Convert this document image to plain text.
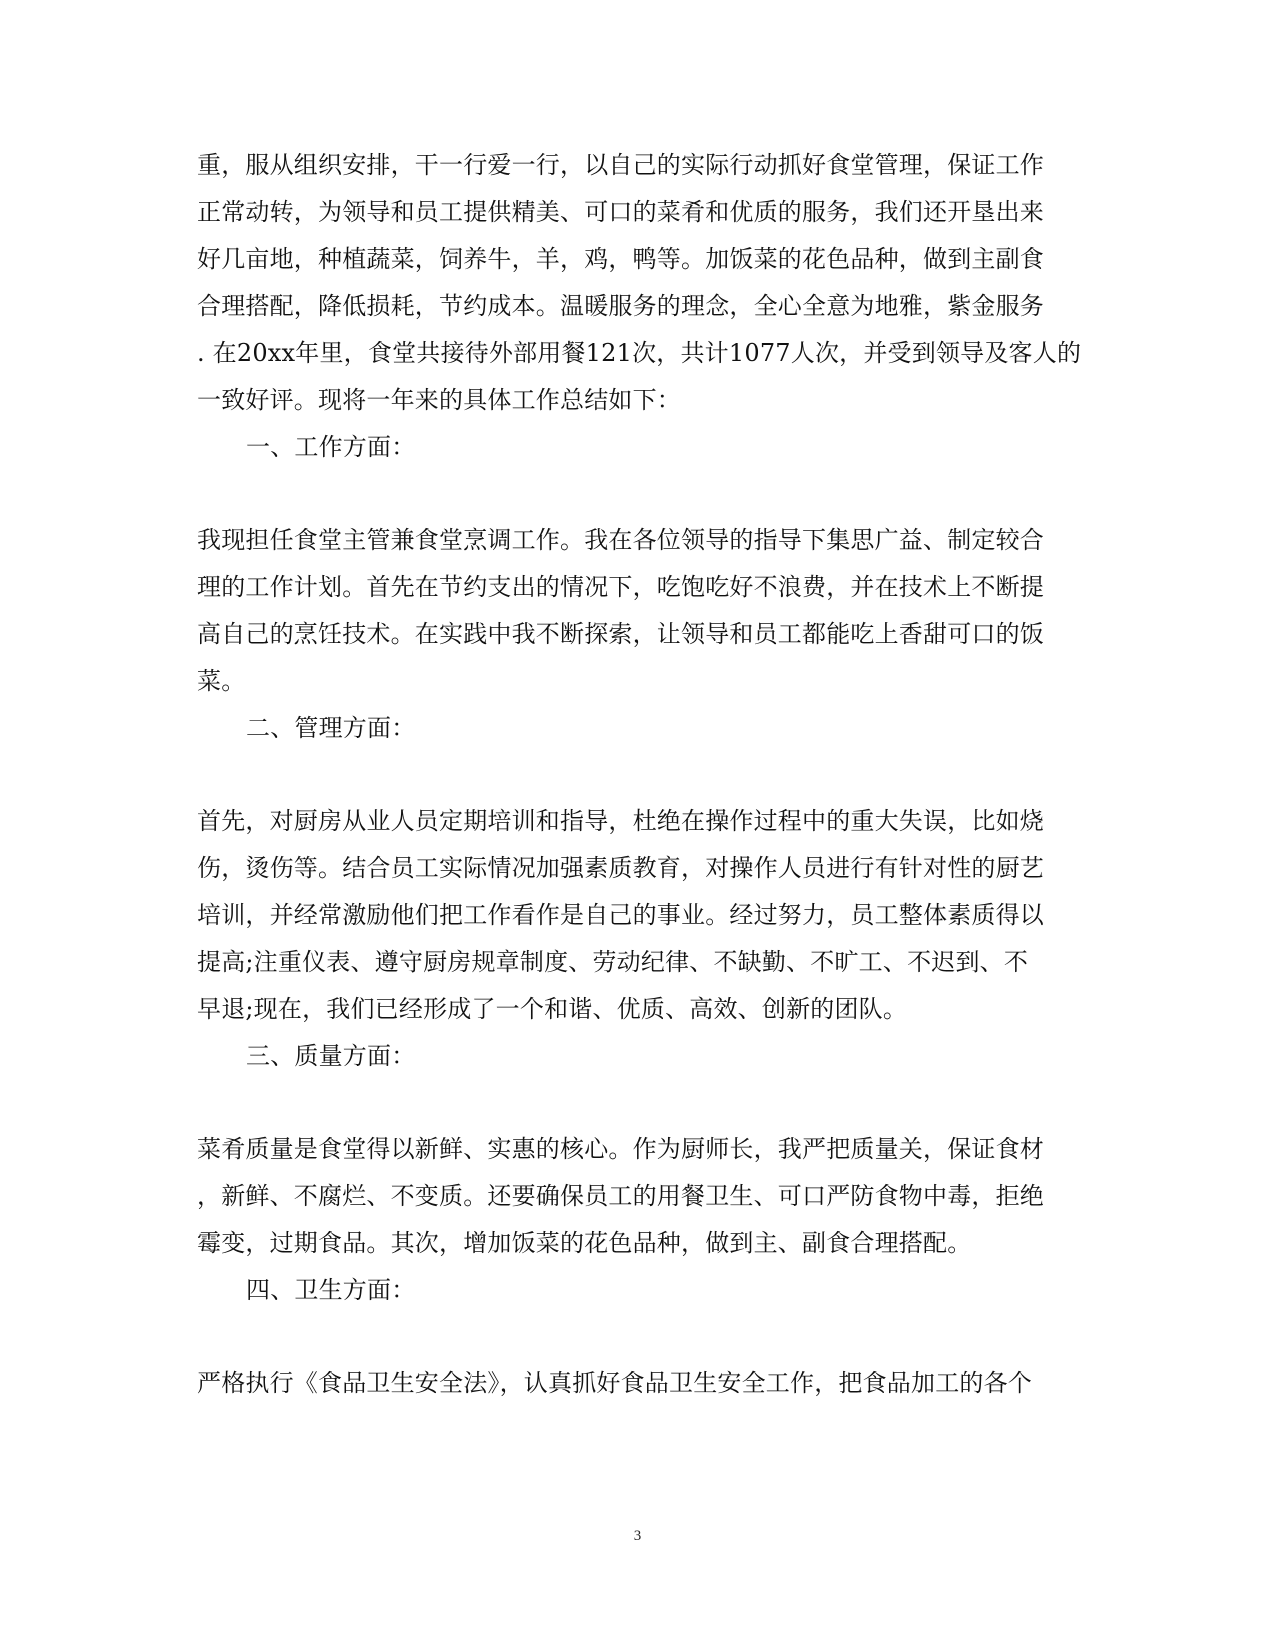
重，服从组织安排，干一行爱一行，以自己的实际行动抓好食堂管理，保证工作
正常动转，为领导和员工提供精美、可口的菜肴和优质的服务，我们还开垦出来
好几亩地，种植蔬菜，饲养牛，羊，鸡，鸭等。加饭菜的花色品种，做到主副食
合理搭配，降低损耗，节约成本。温暖服务的理念，全心全意为地雅，紫金服务
. 在20xx年里，食堂共接待外部用餐121次，共计1077人次，并受到领导及客人的
一致好评。现将一年来的具体工作总结如下：
一、工作方面：
我现担任食堂主管兼食堂烹调工作。我在各位领导的指导下集思广益、制定较合
理的工作计划。首先在节约支出的情况下，吃饱吃好不浪费，并在技术上不断提
高自己的烹饪技术。在实践中我不断探索，让领导和员工都能吃上香甜可口的饭
菜。
二、管理方面：
首先，对厨房从业人员定期培训和指导，杜绝在操作过程中的重大失误，比如烧
伤，烫伤等。结合员工实际情况加强素质教育，对操作人员进行有针对性的厨艺
培训，并经常激励他们把工作看作是自己的事业。经过努力，员工整体素质得以
提高;注重仪表、遵守厨房规章制度、劳动纪律、不缺勤、不旷工、不迟到、不
早退;现在，我们已经形成了一个和谐、优质、高效、创新的团队。
三、质量方面：
菜肴质量是食堂得以新鲜、实惠的核心。作为厨师长，我严把质量关，保证食材
，新鲜、不腐烂、不变质。还要确保员工的用餐卫生、可口严防食物中毒，拒绝
霉变，过期食品。其次，增加饭菜的花色品种，做到主、副食合理搭配。
四、卫生方面：
严格执行《食品卫生安全法》，认真抓好食品卫生安全工作，把食品加工的各个
3
